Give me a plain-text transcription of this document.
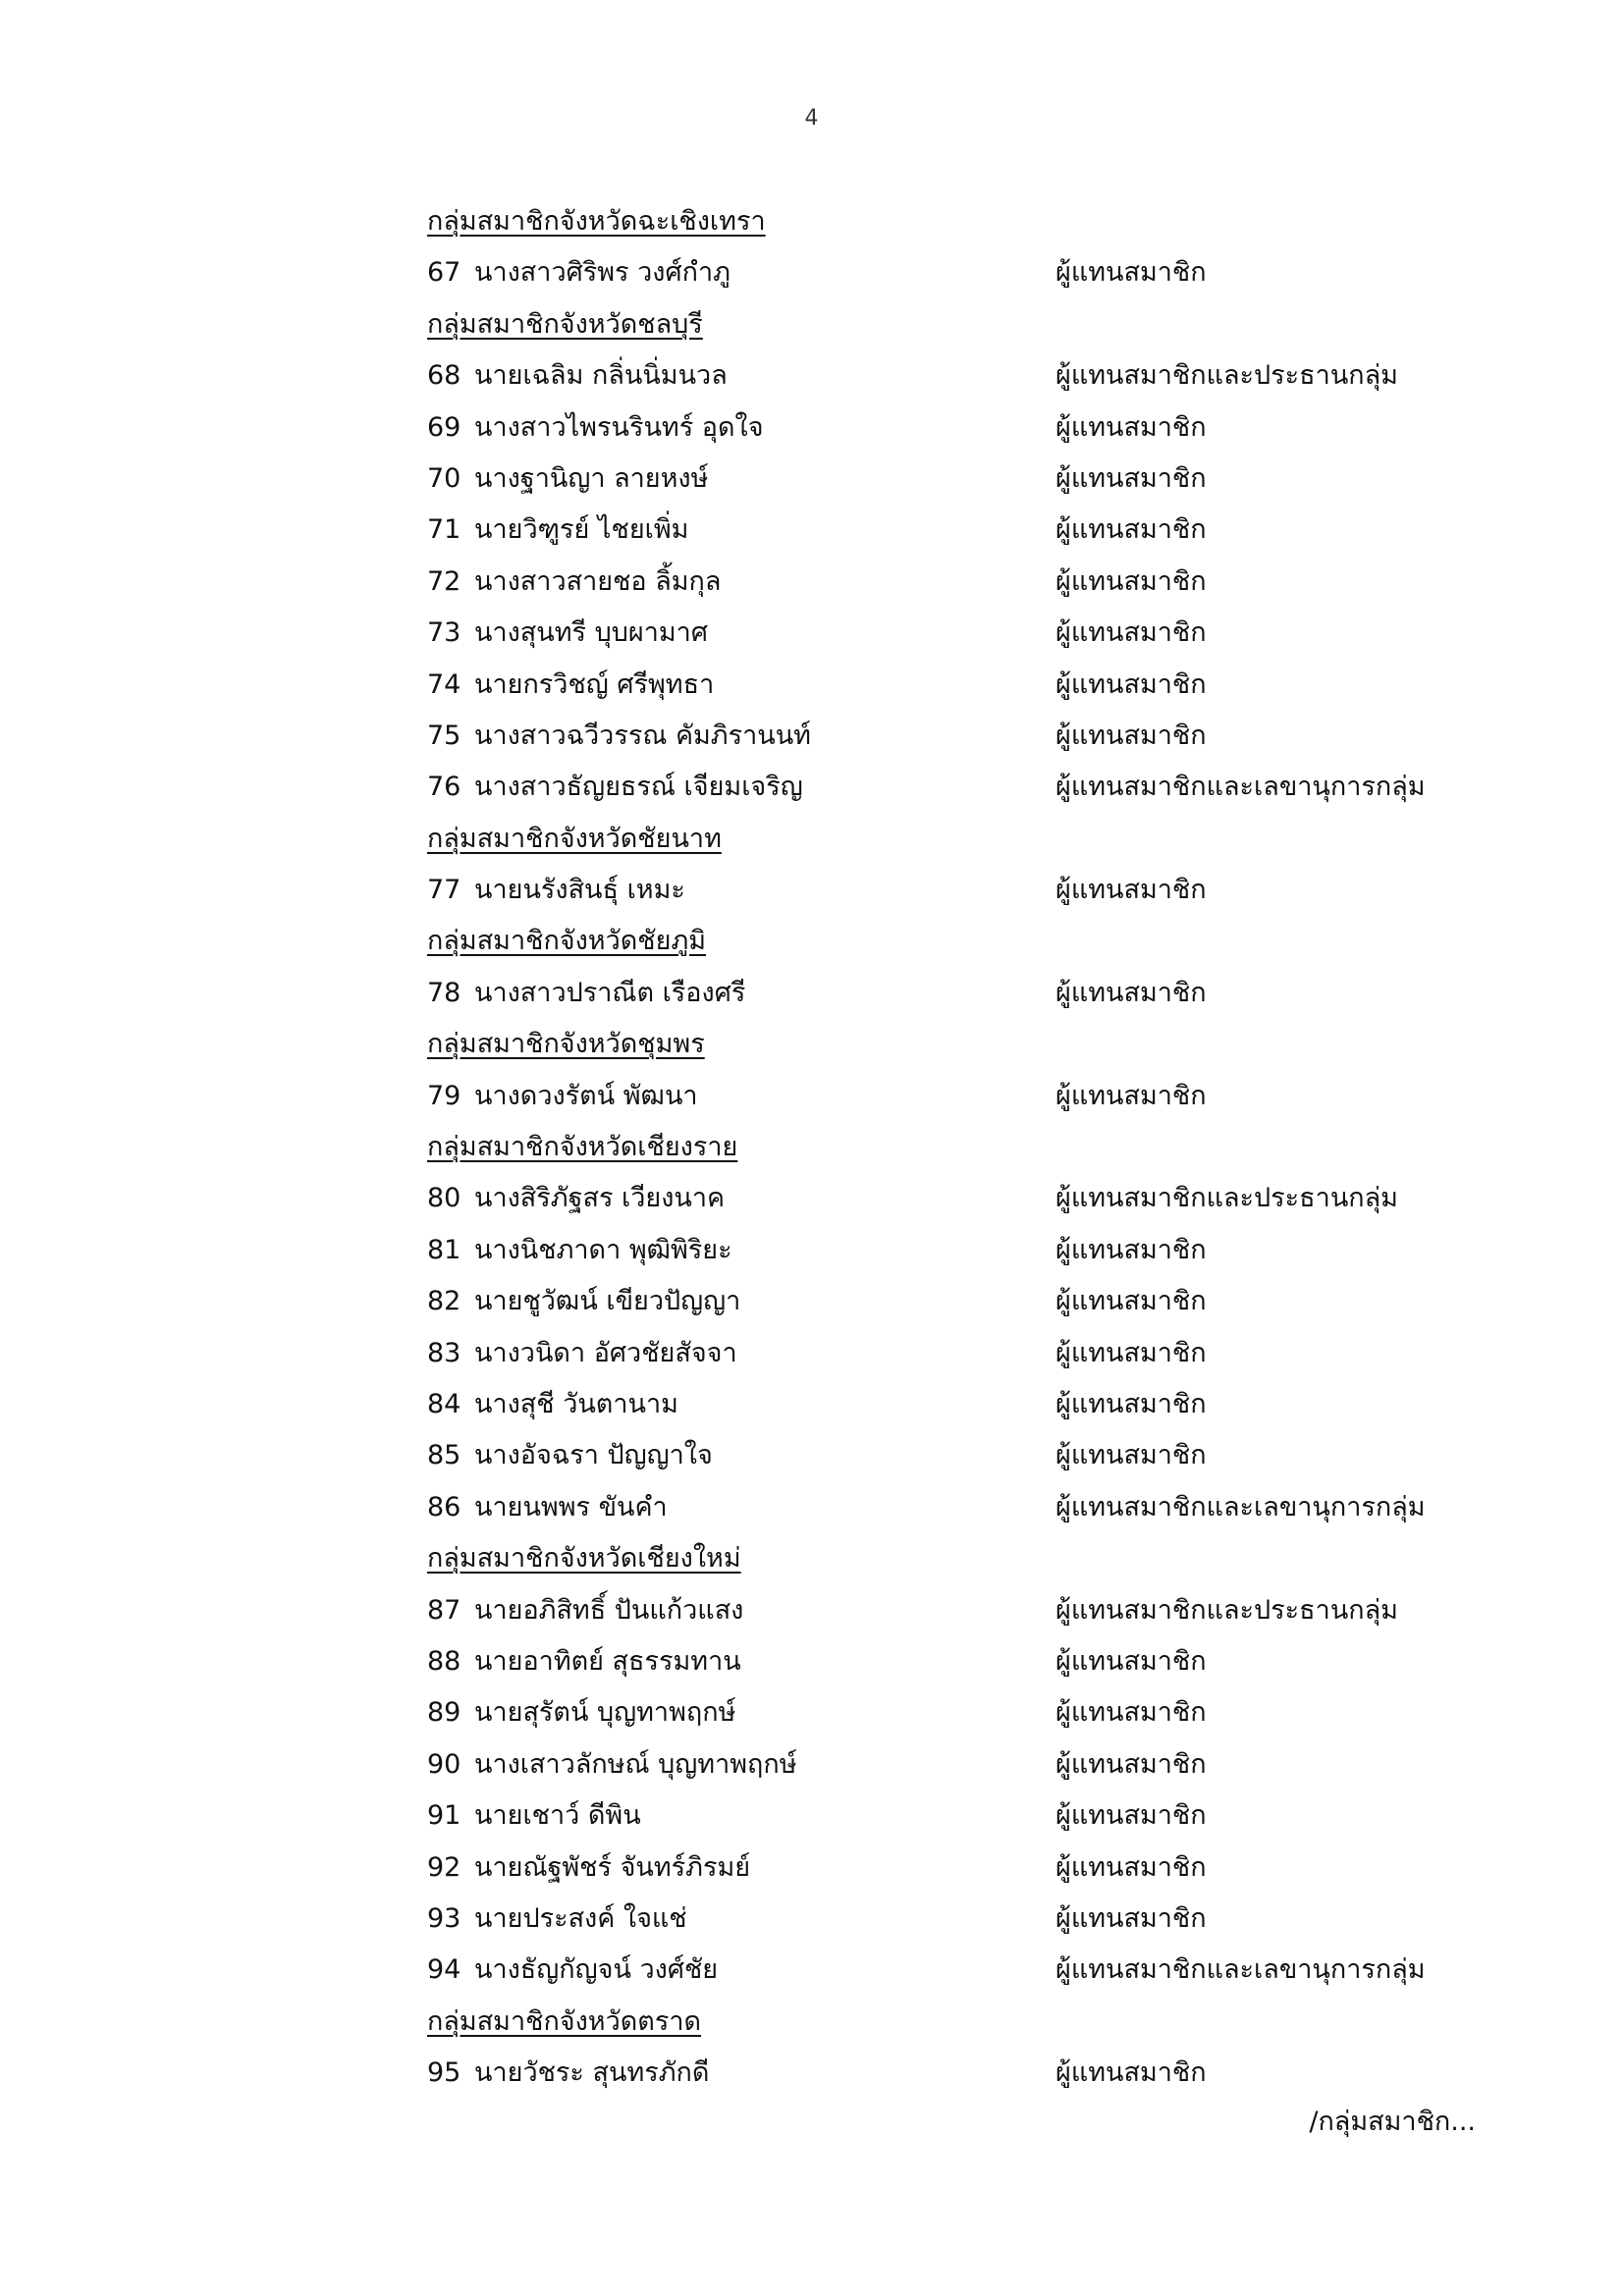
4
กลุ่มสมาชิกจังหวัดฉะเชิงเทรา
67 นางสาวศิริพร วงศ์กำภู	ผู้แทนสมาชิก
กลุ่มสมาชิกจังหวัดชลบุรี
68 นายเฉลิม กลิ่นนิ่มนวล	ผู้แทนสมาชิกและประธานกลุ่ม
69 นางสาวไพรนรินทร์ อุดใจ	ผู้แทนสมาชิก
70 นางฐานิญา ลายหงษ์	ผู้แทนสมาชิก
71 นายวิฑูรย์ ไชยเพิ่ม	ผู้แทนสมาชิก
72 นางสาวสายชอ ลิ้มกุล	ผู้แทนสมาชิก
73 นางสุนทรี บุบผามาศ	ผู้แทนสมาชิก
74 นายกรวิชญ์ ศรีพุทธา	ผู้แทนสมาชิก
75 นางสาวฉวีวรรณ คัมภิรานนท์	ผู้แทนสมาชิก
76 นางสาวธัญยธรณ์ เจียมเจริญ	ผู้แทนสมาชิกและเลขานุการกลุ่ม
กลุ่มสมาชิกจังหวัดชัยนาท
77 นายนรังสินธุ์ เหมะ	ผู้แทนสมาชิก
กลุ่มสมาชิกจังหวัดชัยภูมิ
78 นางสาวปราณีต เรืองศรี	ผู้แทนสมาชิก
กลุ่มสมาชิกจังหวัดชุมพร
79 นางดวงรัตน์ พัฒนา	ผู้แทนสมาชิก
กลุ่มสมาชิกจังหวัดเชียงราย
80 นางสิริภัฐสร เวียงนาค	ผู้แทนสมาชิกและประธานกลุ่ม
81 นางนิชภาดา พุฒิพิริยะ	ผู้แทนสมาชิก
82 นายชูวัฒน์ เขียวปัญญา	ผู้แทนสมาชิก
83 นางวนิดา อัศวชัยสัจจา	ผู้แทนสมาชิก
84 นางสุชี วันตานาม	ผู้แทนสมาชิก
85 นางอัจฉรา ปัญญาใจ	ผู้แทนสมาชิก
86 นายนพพร ขันคำ	ผู้แทนสมาชิกและเลขานุการกลุ่ม
กลุ่มสมาชิกจังหวัดเชียงใหม่
87 นายอภิสิทธิ์ ปันแก้วแสง	ผู้แทนสมาชิกและประธานกลุ่ม
88 นายอาทิตย์ สุธรรมทาน	ผู้แทนสมาชิก
89 นายสุรัตน์ บุญทาพฤกษ์	ผู้แทนสมาชิก
90 นางเสาวลักษณ์ บุญทาพฤกษ์	ผู้แทนสมาชิก
91 นายเชาว์ ดีพิน	ผู้แทนสมาชิก
92 นายณัฐพัชร์ จันทร์ภิรมย์	ผู้แทนสมาชิก
93 นายประสงค์ ใจแช่	ผู้แทนสมาชิก
94 นางธัญกัญจน์ วงศ์ชัย	ผู้แทนสมาชิกและเลขานุการกลุ่ม
กลุ่มสมาชิกจังหวัดตราด
95 นายวัชระ สุนทรภักดี	ผู้แทนสมาชิก
/กลุ่มสมาชิก...
